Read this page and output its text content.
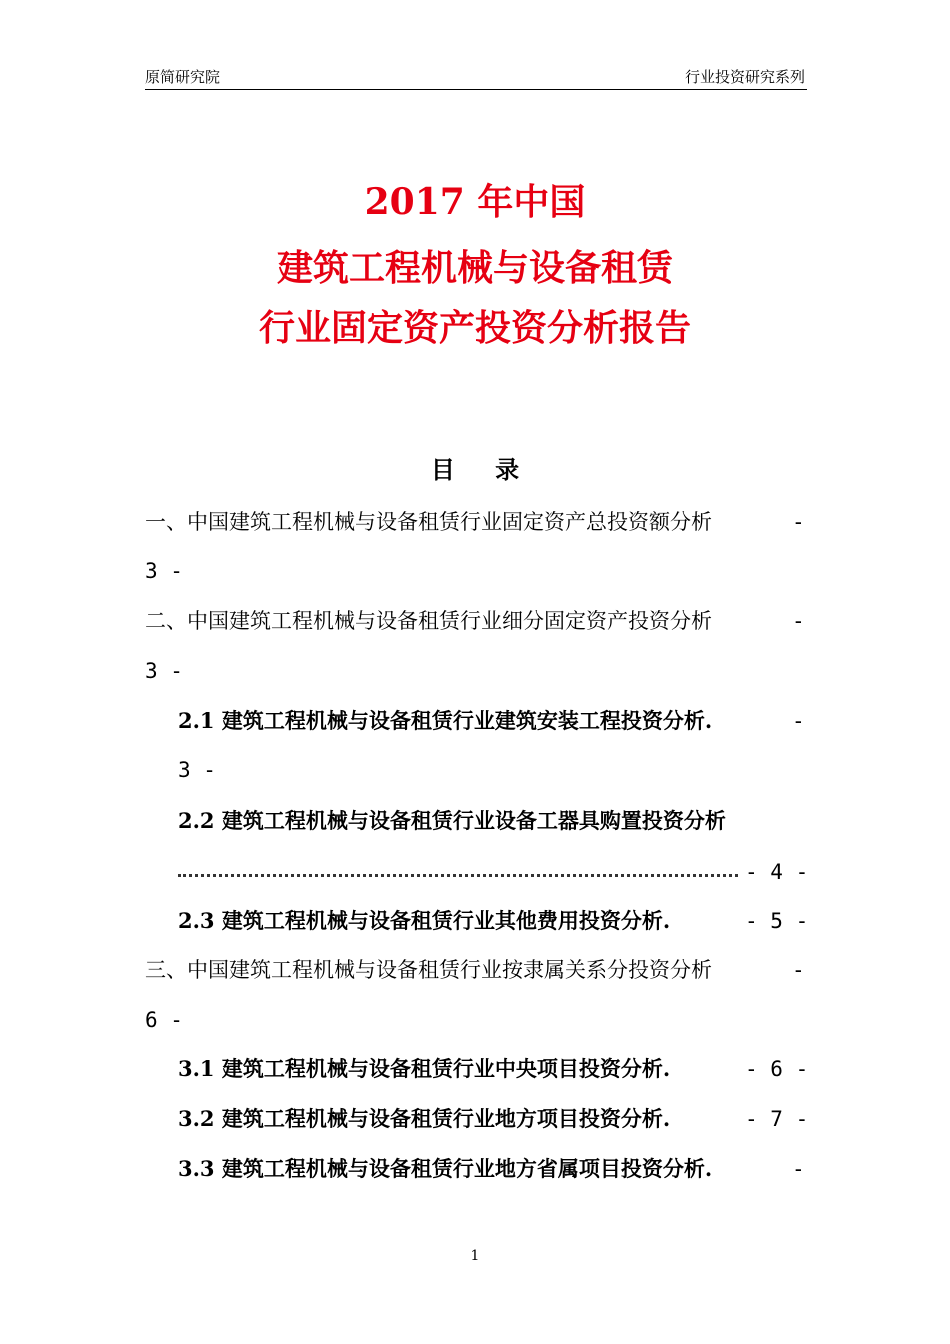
原简研究院	行业投资研究系列
2017 年中国
建筑工程机械与设备租赁
行业固定资产投资分析报告
目 录
一、中国建筑工程机械与设备租赁行业固定资产总投资额分析	-
3 -
二、中国建筑工程机械与设备租赁行业细分固定资产投资分析	-
3 -
2.1 建筑工程机械与设备租赁行业建筑安装工程投资分析.	-
3 -
2.2 建筑工程机械与设备租赁行业设备工器具购置投资分析
- 4 -
2.3 建筑工程机械与设备租赁行业其他费用投资分析.	- 5 -
三、中国建筑工程机械与设备租赁行业按隶属关系分投资分析	-
6 -
3.1 建筑工程机械与设备租赁行业中央项目投资分析.	- 6 -
3.2 建筑工程机械与设备租赁行业地方项目投资分析.	- 7 -
3.3 建筑工程机械与设备租赁行业地方省属项目投资分析.	-
1
